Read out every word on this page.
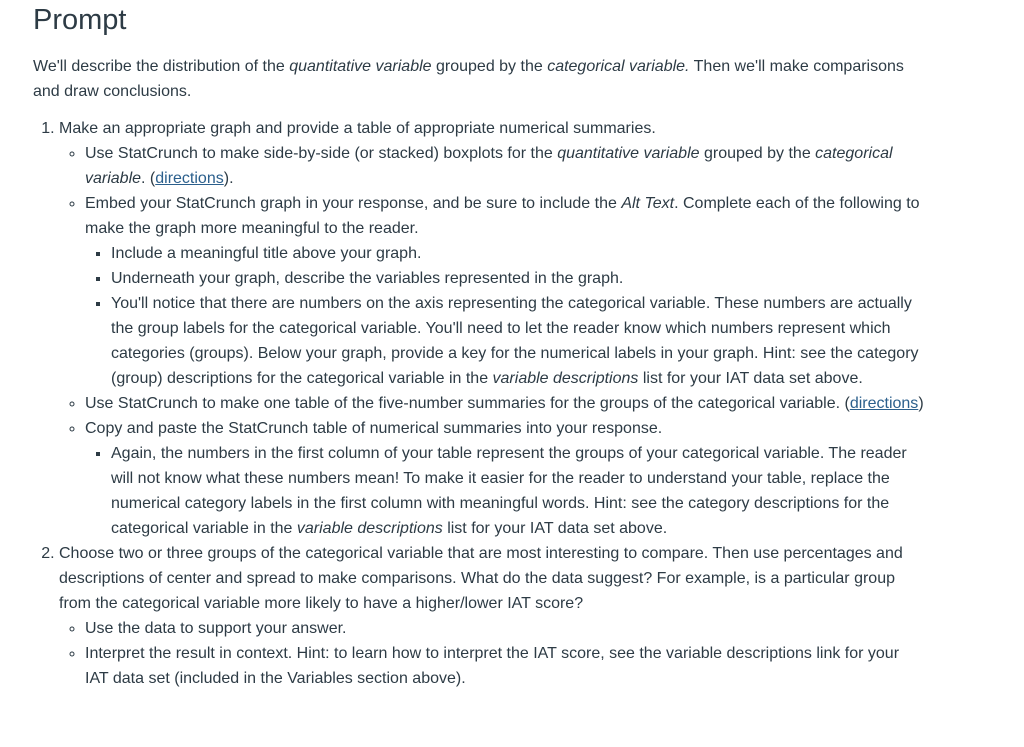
Prompt

We'll describe the distribution of the quantitative variable grouped by the categorical variable. Then we'll make comparisons and draw conclusions.

1. Make an appropriate graph and provide a table of appropriate numerical summaries.
◦ Use StatCrunch to make side-by-side (or stacked) boxplots for the quantitative variable grouped by the categorical variable. (directions).
◦ Embed your StatCrunch graph in your response, and be sure to include the Alt Text. Complete each of the following to make the graph more meaningful to the reader.
▪ Include a meaningful title above your graph.
▪ Underneath your graph, describe the variables represented in the graph.
▪ You'll notice that there are numbers on the axis representing the categorical variable. These numbers are actually the group labels for the categorical variable. You'll need to let the reader know which numbers represent which categories (groups). Below your graph, provide a key for the numerical labels in your graph. Hint: see the category (group) descriptions for the categorical variable in the variable descriptions list for your IAT data set above.
◦ Use StatCrunch to make one table of the five-number summaries for the groups of the categorical variable. (directions)
◦ Copy and paste the StatCrunch table of numerical summaries into your response.
▪ Again, the numbers in the first column of your table represent the groups of your categorical variable. The reader will not know what these numbers mean! To make it easier for the reader to understand your table, replace the numerical category labels in the first column with meaningful words. Hint: see the category descriptions for the categorical variable in the variable descriptions list for your IAT data set above.
2. Choose two or three groups of the categorical variable that are most interesting to compare. Then use percentages and descriptions of center and spread to make comparisons. What do the data suggest? For example, is a particular group from the categorical variable more likely to have a higher/lower IAT score?
◦ Use the data to support your answer.
◦ Interpret the result in context. Hint: to learn how to interpret the IAT score, see the variable descriptions link for your IAT data set (included in the Variables section above).
